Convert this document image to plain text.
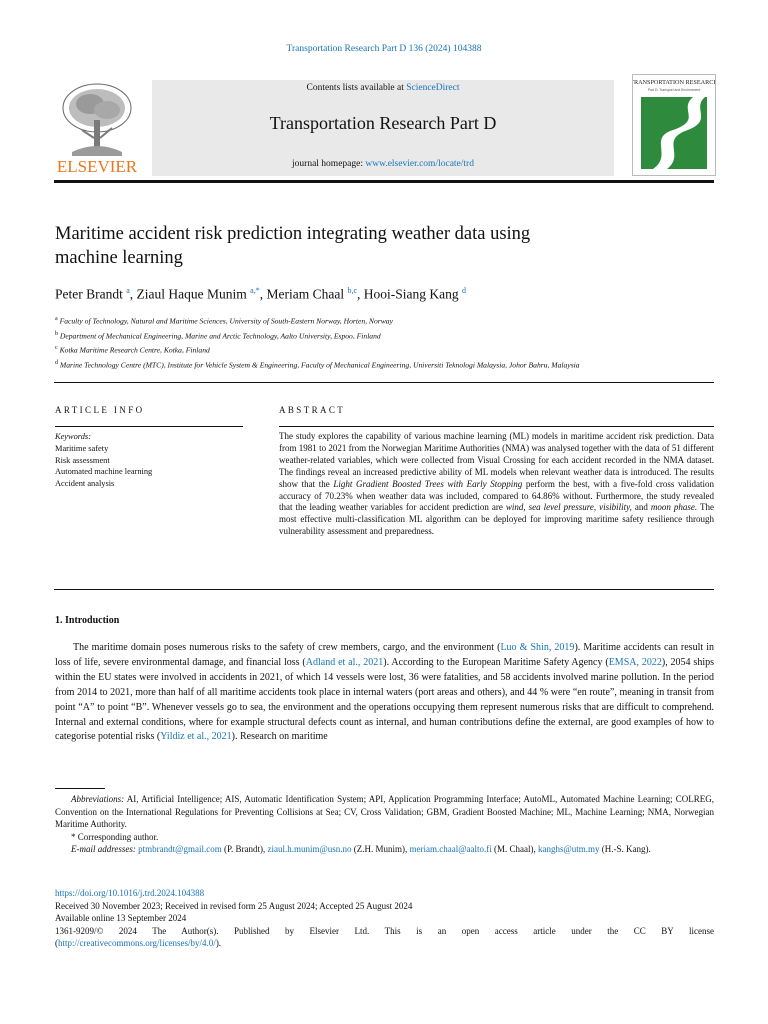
Transportation Research Part D 136 (2024) 104388
Contents lists available at ScienceDirect
Transportation Research Part D
journal homepage: www.elsevier.com/locate/trd
ELSEVIER
TRANSPORTATION RESEARCH
Part D: Transport and Environment
Maritime accident risk prediction integrating weather data using
machine learning
Peter Brandt $^a$, Ziaul Haque Munim $^{a,*}$, Meriam Chaal $^{b,c}$, Hooi-Siang Kang $^d$
$^a$ Faculty of Technology, Natural and Maritime Sciences, University of South-Eastern Norway, Horten, Norway
$^b$ Department of Mechanical Engineering, Marine and Arctic Technology, Aalto University, Espoo, Finland
$^c$ Kotka Maritime Research Centre, Kotka, Finland
$^d$ Marine Technology Centre (MTC), Institute for Vehicle System & Engineering, Faculty of Mechanical Engineering, Universiti Teknologi Malaysia, Johor Bahru, Malaysia
ARTICLE INFO
Keywords:
Maritime safety
Risk assessment
Automated machine learning
Accident analysis
ABSTRACT
The study explores the capability of various machine learning (ML) models in maritime accident risk prediction. Data from 1981 to 2021 from the Norwegian Maritime Authorities (NMA) was analysed together with the data of 51 different weather-related variables, which were collected from Visual Crossing for each accident recorded in the NMA dataset. The findings reveal an increased predictive ability of ML models when relevant weather data is introduced. The results show that the Light Gradient Boosted Trees with Early Stopping perform the best, with a five-fold cross validation accuracy of 70.23% when weather data was included, compared to 64.86% without. Furthermore, the study revealed that the leading weather variables for accident prediction are wind, sea level pressure, visibility, and moon phase. The most effective multi-classification ML algorithm can be deployed for improving maritime safety resilience through vulnerability assessment and preparedness.
1. Introduction

The maritime domain poses numerous risks to the safety of crew members, cargo, and the environment (Luo & Shin, 2019). Maritime accidents can result in loss of life, severe environmental damage, and financial loss (Adland et al., 2021). According to the European Maritime Safety Agency (EMSA, 2022), 2054 ships within the EU states were involved in accidents in 2021, of which 14 vessels were lost, 36 were fatalities, and 58 accidents involved marine pollution. In the period from 2014 to 2021, more than half of all maritime accidents took place in internal waters (port areas and others), and 44 % were “en route”, meaning in transit from point “A” to point “B”. Whenever vessels go to sea, the environment and the operations occupying them represent numerous risks that are difficult to comprehend. Internal and external conditions, where for example structural defects count as internal, and human contributions define the external, are good examples of how to categorise potential risks (Yildiz et al., 2021). Research on maritime

Abbreviations: AI, Artificial Intelligence; AIS, Automatic Identification System; API, Application Programming Interface; AutoML, Automated Machine Learning; COLREG, Convention on the International Regulations for Preventing Collisions at Sea; CV, Cross Validation; GBM, Gradient Boosted Machine; ML, Machine Learning; NMA, Norwegian Maritime Authority.

* Corresponding author.

E-mail addresses: ptmbrandt@gmail.com (P. Brandt), ziaul.h.munim@usn.no (Z.H. Munim), meriam.chaal@aalto.fi (M. Chaal), kanghs@utm.my (H.-S. Kang).

https://doi.org/10.1016/j.trd.2024.104388

Received 30 November 2023; Received in revised form 25 August 2024; Accepted 25 August 2024

Available online 13 September 2024

1361-9209/© 2024 The Author(s). Published by Elsevier Ltd. This is an open access article under the CC BY license

(http://creativecommons.org/licenses/by/4.0/).
